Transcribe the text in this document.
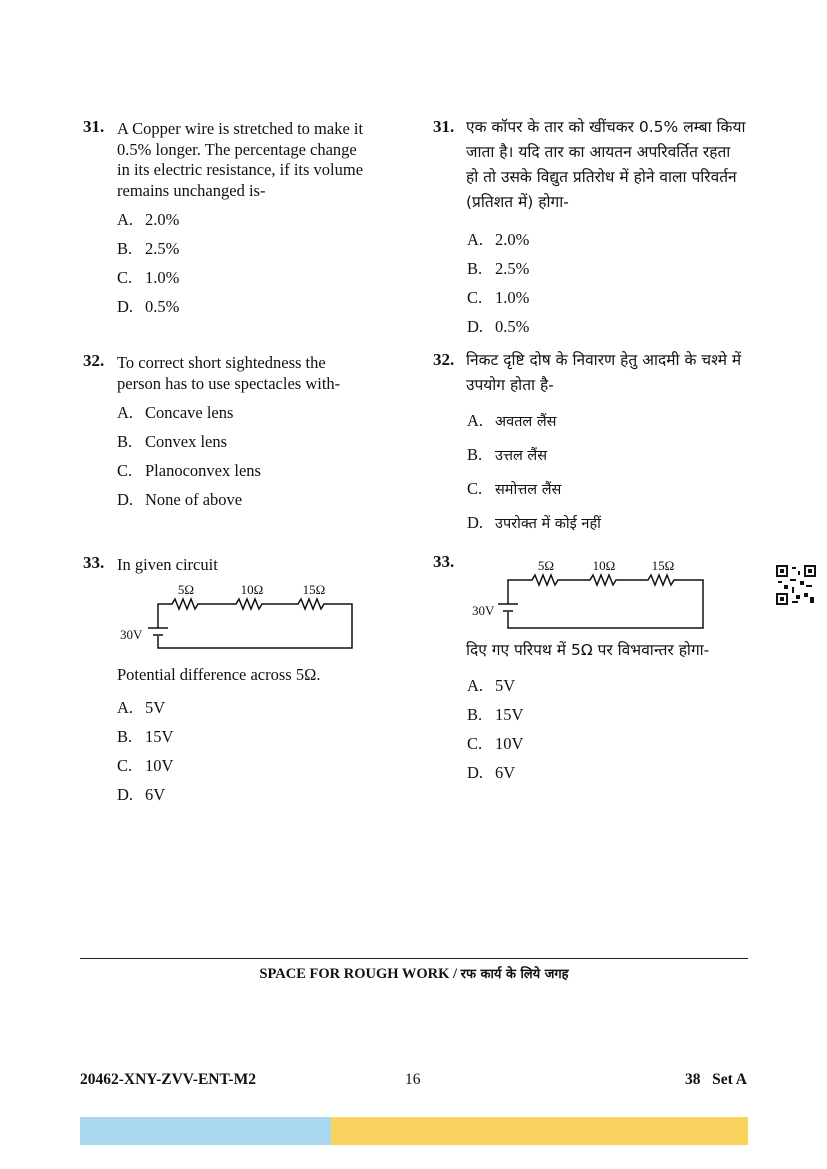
31. A Copper wire is stretched to make it
0.5% longer. The percentage change
in its electric resistance, if its volume
remains unchanged is-
A. 2.0%
B. 2.5%
C. 1.0%
D. 0.5%
31. एक कॉपर के तार को खींचकर 0.5% लम्बा किया
जाता है। यदि तार का आयतन अपरिवर्तित रहता
हो तो उसके विद्युत प्रतिरोध में होने वाला परिवर्तन
(प्रतिशत में) होगा-
A. 2.0%
B. 2.5%
C. 1.0%
D. 0.5%
32. To correct short sightedness the
person has to use spectacles with-
A. Concave lens
B. Convex lens
C. Planoconvex lens
D. None of above
32. निकट दृष्टि दोष के निवारण हेतु आदमी के चश्मे में
उपयोग होता है-
A. अवतल लैंस
B. उत्तल लैंस
C. समोत्तल लैंस
D. उपरोक्त में कोई नहीं
33. In given circuit
5Ω	10Ω	15Ω
30V
Potential difference across 5Ω.
A. 5V
B. 15V
C. 10V
D. 6V
33.	5Ω	10Ω	15Ω
30V
दिए गए परिपथ में 5Ω पर विभवान्तर होगा-
A. 5V
B. 15V
C. 10V
D. 6V
SPACE FOR ROUGH WORK / रफ कार्य के लिये जगह
20462-XNY-ZVV-ENT-M2	16	38   Set A
